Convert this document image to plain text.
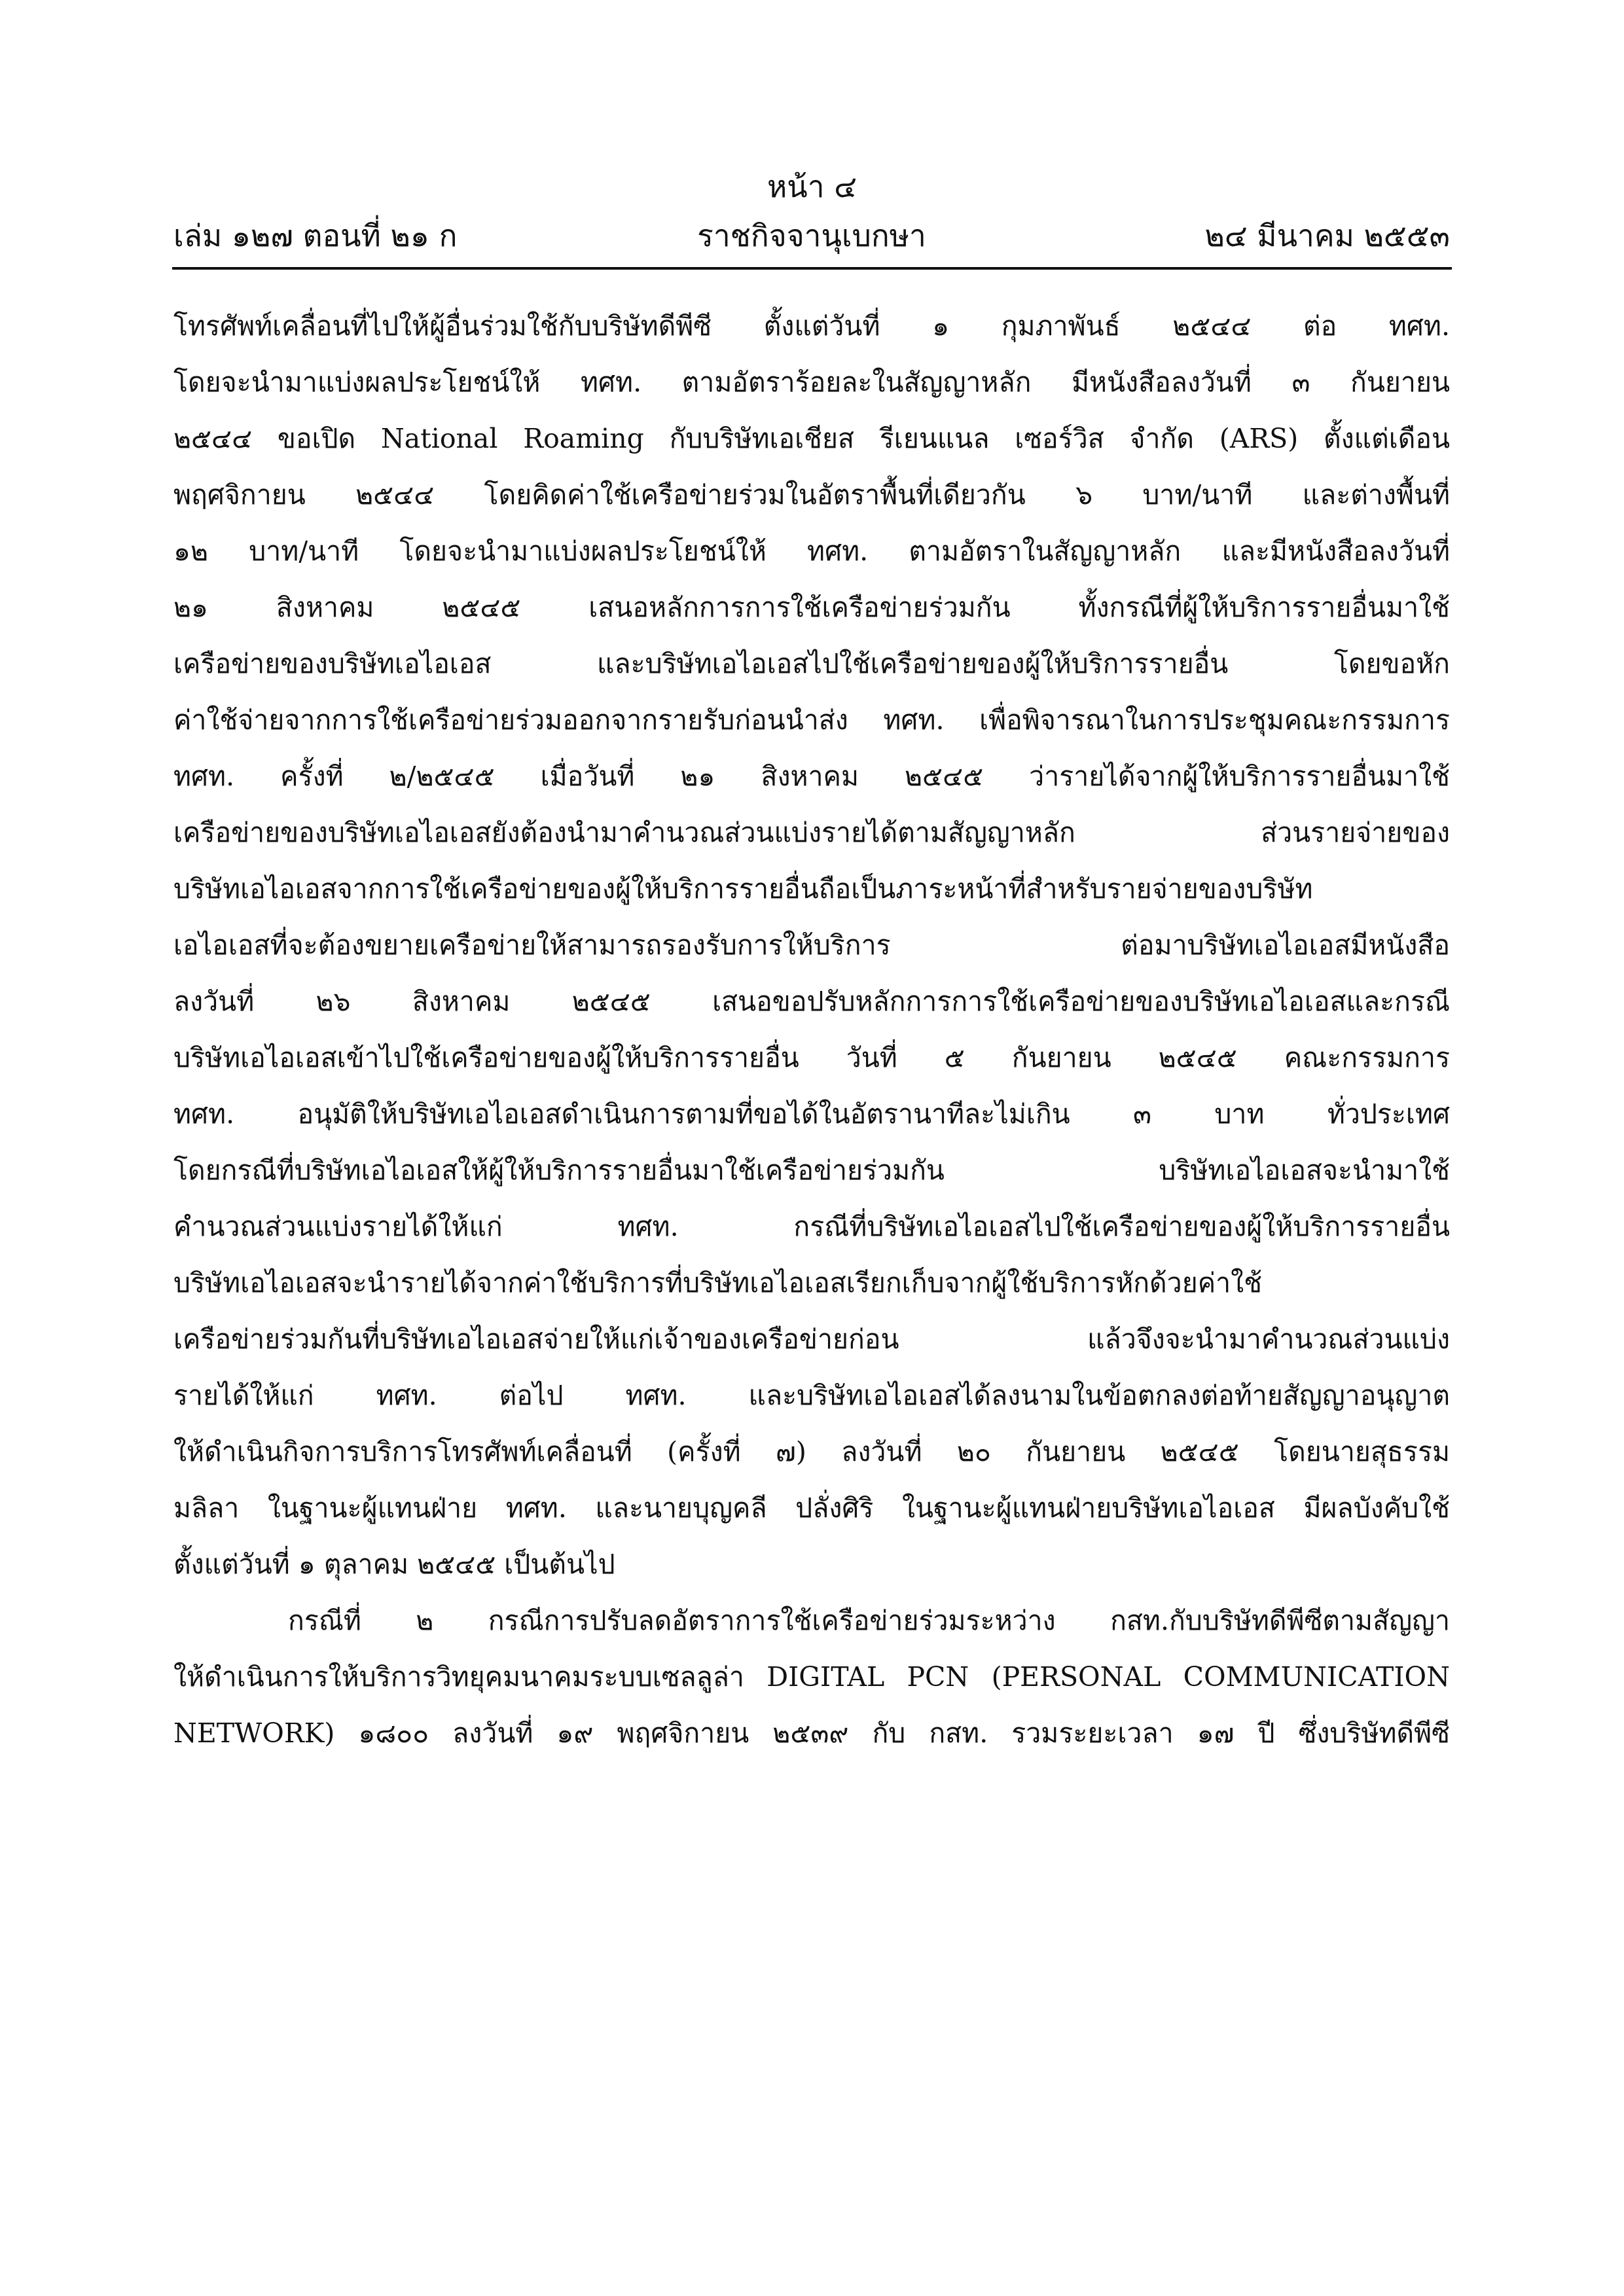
หน้า ๔
เล่ม ๑๒๗ ตอนที่ ๒๑ ก	ราชกิจจานุเบกษา	๒๔ มีนาคม ๒๕๕๓
โทรศัพท์เคลื่อนที่ไปให้ผู้อื่นร่วมใช้กับบริษัทดีพีซี ตั้งแต่วันที่ ๑ กุมภาพันธ์ ๒๕๔๔ ต่อ ทศท.
โดยจะนำมาแบ่งผลประโยชน์ให้ ทศท. ตามอัตราร้อยละในสัญญาหลัก มีหนังสือลงวันที่ ๓ กันยายน
๒๕๔๔ ขอเปิด National Roaming กับบริษัทเอเชียส รีเยนแนล เซอร์วิส จำกัด (ARS) ตั้งแต่เดือน
พฤศจิกายน ๒๕๔๔ โดยคิดค่าใช้เครือข่ายร่วมในอัตราพื้นที่เดียวกัน ๖ บาท/นาที และต่างพื้นที่
๑๒ บาท/นาที โดยจะนำมาแบ่งผลประโยชน์ให้ ทศท. ตามอัตราในสัญญาหลัก และมีหนังสือลงวันที่
๒๑ สิงหาคม ๒๕๔๕ เสนอหลักการการใช้เครือข่ายร่วมกัน ทั้งกรณีที่ผู้ให้บริการรายอื่นมาใช้
เครือข่ายของบริษัทเอไอเอส และบริษัทเอไอเอสไปใช้เครือข่ายของผู้ให้บริการรายอื่น โดยขอหัก
ค่าใช้จ่ายจากการใช้เครือข่ายร่วมออกจากรายรับก่อนนำส่ง ทศท. เพื่อพิจารณาในการประชุมคณะกรรมการ
ทศท. ครั้งที่ ๒/๒๕๔๕ เมื่อวันที่ ๒๑ สิงหาคม ๒๕๔๕ ว่ารายได้จากผู้ให้บริการรายอื่นมาใช้
เครือข่ายของบริษัทเอไอเอสยังต้องนำมาคำนวณส่วนแบ่งรายได้ตามสัญญาหลัก ส่วนรายจ่ายของ
บริษัทเอไอเอสจากการใช้เครือข่ายของผู้ให้บริการรายอื่นถือเป็นภาระหน้าที่สำหรับรายจ่ายของบริษัท
เอไอเอสที่จะต้องขยายเครือข่ายให้สามารถรองรับการให้บริการ ต่อมาบริษัทเอไอเอสมีหนังสือ
ลงวันที่ ๒๖ สิงหาคม ๒๕๔๕ เสนอขอปรับหลักการการใช้เครือข่ายของบริษัทเอไอเอสและกรณี
บริษัทเอไอเอสเข้าไปใช้เครือข่ายของผู้ให้บริการรายอื่น วันที่ ๕ กันยายน ๒๕๔๕ คณะกรรมการ
ทศท. อนุมัติให้บริษัทเอไอเอสดำเนินการตามที่ขอได้ในอัตรานาทีละไม่เกิน ๓ บาท ทั่วประเทศ
โดยกรณีที่บริษัทเอไอเอสให้ผู้ให้บริการรายอื่นมาใช้เครือข่ายร่วมกัน บริษัทเอไอเอสจะนำมาใช้
คำนวณส่วนแบ่งรายได้ให้แก่ ทศท. กรณีที่บริษัทเอไอเอสไปใช้เครือข่ายของผู้ให้บริการรายอื่น
บริษัทเอไอเอสจะนำรายได้จากค่าใช้บริการที่บริษัทเอไอเอสเรียกเก็บจากผู้ใช้บริการหักด้วยค่าใช้
เครือข่ายร่วมกันที่บริษัทเอไอเอสจ่ายให้แก่เจ้าของเครือข่ายก่อน แล้วจึงจะนำมาคำนวณส่วนแบ่ง
รายได้ให้แก่ ทศท. ต่อไป ทศท. และบริษัทเอไอเอสได้ลงนามในข้อตกลงต่อท้ายสัญญาอนุญาต
ให้ดำเนินกิจการบริการโทรศัพท์เคลื่อนที่ (ครั้งที่ ๗) ลงวันที่ ๒๐ กันยายน ๒๕๔๕ โดยนายสุธรรม
มลิลา ในฐานะผู้แทนฝ่าย ทศท. และนายบุญคลี ปลั่งศิริ ในฐานะผู้แทนฝ่ายบริษัทเอไอเอส มีผลบังคับใช้
ตั้งแต่วันที่ ๑ ตุลาคม ๒๕๔๕ เป็นต้นไป
กรณีที่ ๒ กรณีการปรับลดอัตราการใช้เครือข่ายร่วมระหว่าง กสท.กับบริษัทดีพีซีตามสัญญา
ให้ดำเนินการให้บริการวิทยุคมนาคมระบบเซลลูล่า DIGITAL PCN (PERSONAL COMMUNICATION
NETWORK) ๑๘๐๐ ลงวันที่ ๑๙ พฤศจิกายน ๒๕๓๙ กับ กสท. รวมระยะเวลา ๑๗ ปี ซึ่งบริษัทดีพีซี
